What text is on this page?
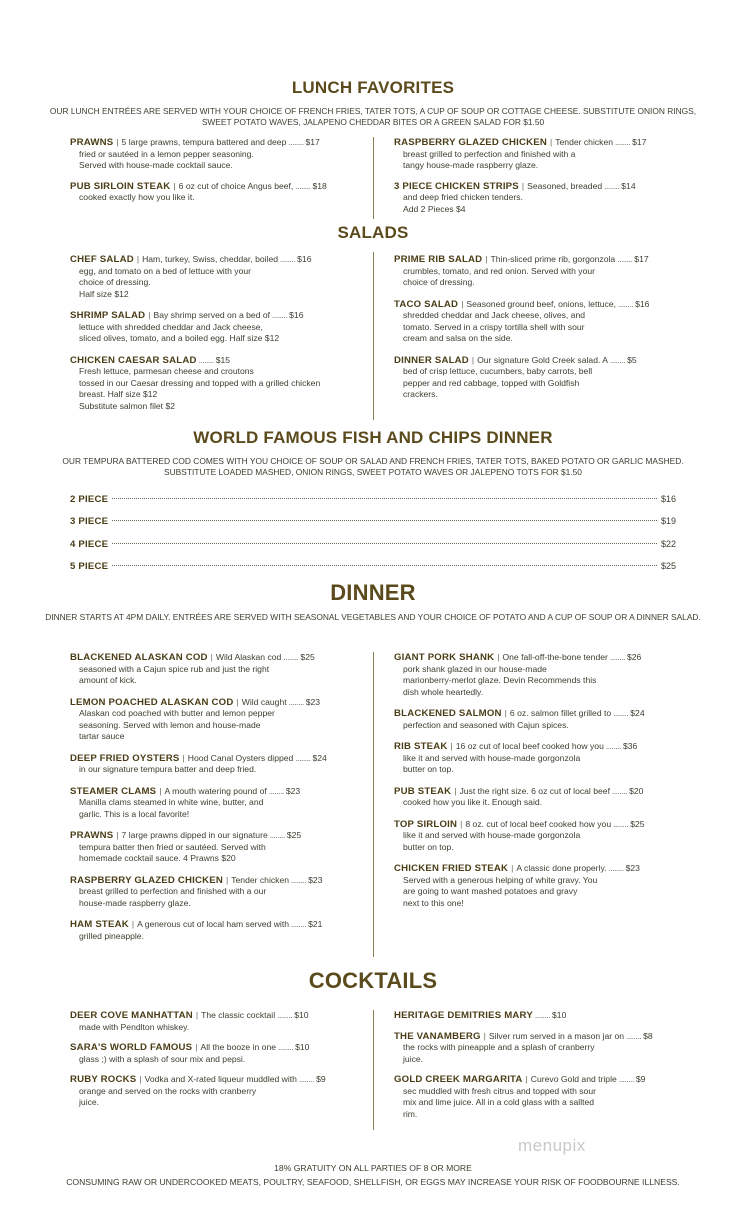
LUNCH FAVORITES
OUR LUNCH ENTRÉES ARE SERVED WITH YOUR CHOICE OF FRENCH FRIES, TATER TOTS, A CUP OF SOUP OR COTTAGE CHEESE. SUBSTITUTE ONION RINGS, SWEET POTATO WAVES, JALAPENO CHEDDAR BITES OR A GREEN SALAD FOR $1.50
PRAWNS | 5 large prawns, tempura battered and deep ........ $17
fried or sautéed in a lemon pepper seasoning.
Served with house-made cocktail sauce.
PUB SIRLOIN STEAK | 6 oz cut of choice Angus beef, ........ $18
cooked exactly how you like it.
RASPBERRY GLAZED CHICKEN | Tender chicken ........ $17
breast grilled to perfection and finished with a
tangy house-made raspberry glaze.
3 PIECE CHICKEN STRIPS | Seasoned, breaded ........ $14
and deep fried chicken tenders.
Add 2 Pieces $4
SALADS
CHEF SALAD | Ham, turkey, Swiss, cheddar, boiled ........ $16
egg, and tomato on a bed of lettuce with your
choice of dressing.
Half size $12
SHRIMP SALAD | Bay shrimp served on a bed of ........ $16
lettuce with shredded cheddar and Jack cheese,
sliced olives, tomato, and a boiled egg. Half size $12
CHICKEN CAESAR SALAD ........ $15
Fresh lettuce, parmesan cheese and croutons
tossed in our Caesar dressing and topped with a grilled chicken
breast. Half size $12
Substitute salmon filet $2
PRIME RIB SALAD | Thin-sliced prime rib, gorgonzola ........ $17
crumbles, tomato, and red onion. Served with your
choice of dressing.
TACO SALAD | Seasoned ground beef, onions, lettuce, ........ $16
shredded cheddar and Jack cheese, olives, and
tomato. Served in a crispy tortilla shell with sour
cream and salsa on the side.
DINNER SALAD | Our signature Gold Creek salad. A ........ $5
bed of crisp lettuce, cucumbers, baby carrots, bell
pepper and red cabbage, topped with Goldfish
crackers.
WORLD FAMOUS FISH AND CHIPS DINNER
OUR TEMPURA BATTERED COD COMES WITH YOU CHOICE OF SOUP OR SALAD AND FRENCH FRIES, TATER TOTS, BAKED POTATO OR GARLIC MASHED. SUBSTITUTE LOADED MASHED, ONION RINGS, SWEET POTATO WAVES OR JALEPENO TOTS FOR $1.50
2 PIECE	$16
3 PIECE	$19
4 PIECE	$22
5 PIECE	$25
DINNER
DINNER STARTS AT 4PM DAILY. ENTRÉES ARE SERVED WITH SEASONAL VEGETABLES AND YOUR CHOICE OF POTATO AND A CUP OF SOUP OR A DINNER SALAD.
BLACKENED ALASKAN COD | Wild Alaskan cod ........ $25
seasoned with a Cajun spice rub and just the right
amount of kick.
LEMON POACHED ALASKAN COD | Wild caught ........ $23
Alaskan cod poached with butter and lemon pepper
seasoning. Served with lemon and house-made
tartar sauce
DEEP FRIED OYSTERS | Hood Canal Oysters dipped ........ $24
in our signature tempura batter and deep fried.
STEAMER CLAMS | A mouth watering pound of ........ $23
Manilla clams steamed in white wine, butter, and
garlic. This is a local favorite!
PRAWNS | 7 large prawns dipped in our signature ........ $25
tempura batter then fried or sautéed. Served with
homemade cocktail sauce. 4 Prawns $20
RASPBERRY GLAZED CHICKEN | Tender chicken ........ $23
breast grilled to perfection and finished with a our
house-made raspberry glaze.
HAM STEAK | A generous cut of local ham served with ........ $21
grilled pineapple.
GIANT PORK SHANK | One fall-off-the-bone tender ........ $26
pork shank glazed in our house-made
marionberry-merlot glaze. Devin Recommends this
dish whole heartedly.
BLACKENED SALMON | 6 oz. salmon fillet grilled to ........ $24
perfection and seasoned with Cajun spices.
RIB STEAK | 16 oz cut of local beef cooked how you ........ $36
like it and served with house-made gorgonzola
butter on top.
PUB STEAK | Just the right size. 6 oz cut of local beef ........ $20
cooked how you like it. Enough said.
TOP SIRLOIN | 8 oz. cut of local beef cooked how you ........ $25
like it and served with house-made gorgonzola
butter on top.
CHICKEN FRIED STEAK | A classic done properly. ........ $23
Served with a generous helping of white gravy. You
are going to want mashed potatoes and gravy
next to this one!
COCKTAILS
DEER COVE MANHATTAN | The classic cocktail ........ $10
made with Pendlton whiskey.
SARA'S WORLD FAMOUS | All the booze in one ........ $10
glass ;) with a splash of sour mix and pepsi.
RUBY ROCKS | Vodka and X-rated liqueur muddled with ........ $9
orange and served on the rocks with cranberry
juice.
HERITAGE DEMITRIES MARY ........ $10
THE VANAMBERG | Silver rum served in a mason jar on ........ $8
the rocks with pineapple and a splash of cranberry
juice.
GOLD CREEK MARGARITA | Curevo Gold and triple ........ $9
sec muddled with fresh citrus and topped with sour
mix and lime juice. All in a cold glass with a sallted
rim.
menupix
18% GRATUITY ON ALL PARTIES OF 8 OR MORE
CONSUMING RAW OR UNDERCOOKED MEATS, POULTRY, SEAFOOD, SHELLFISH, OR EGGS MAY INCREASE YOUR RISK OF FOODBOURNE ILLNESS.
